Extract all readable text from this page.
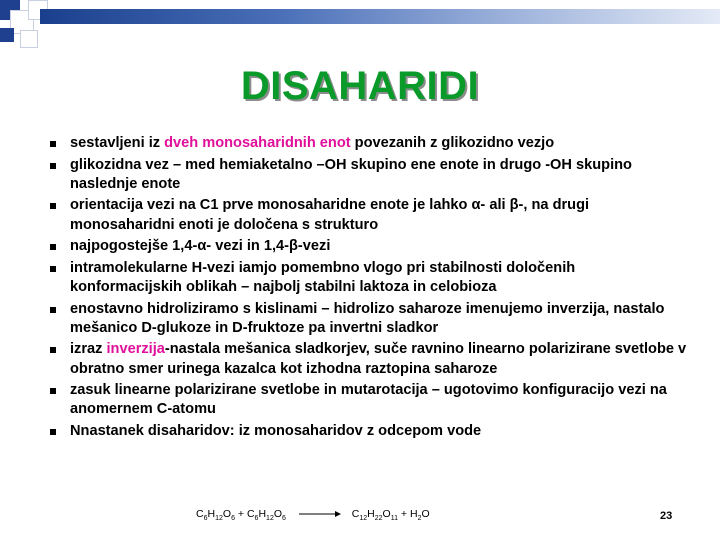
DISAHARIDI
sestavljeni iz dveh monosaharidnih enot povezanih z glikozidno vezjo
glikozidna vez – med hemiaketalno –OH skupino ene enote in drugo -OH skupino naslednje enote
orientacija vezi na C1 prve monosaharidne enote je lahko α- ali β-, na drugi monosaharidni enoti je določena s strukturo
najpogostejše 1,4-α- vezi in 1,4-β-vezi
intramolekularne H-vezi iamjo pomembno vlogo pri stabilnosti določenih konformacijskih oblikah – najbolj stabilni laktoza in celobioza
enostavno hidroliziramo s kislinami – hidrolizo saharoze imenujemo inverzija, nastalo mešanico D-glukoze in D-fruktoze pa invertni sladkor
izraz inverzija-nastala mešanica sladkorjev, suče ravnino linearno polarizirane svetlobe v obratno smer urinega kazalca kot izhodna raztopina saharoze
zasuk linearne polarizirane svetlobe in mutarotacija – ugotovimo konfiguracijo vezi na anomernem C-atomu
Nnastanek disaharidov: iz monosaharidov z odcepom vode
$C_6H_{12}O_6 + C_6H_{12}O_6 \to C_{12}H_{22}O_{11} + H_2O$	23
